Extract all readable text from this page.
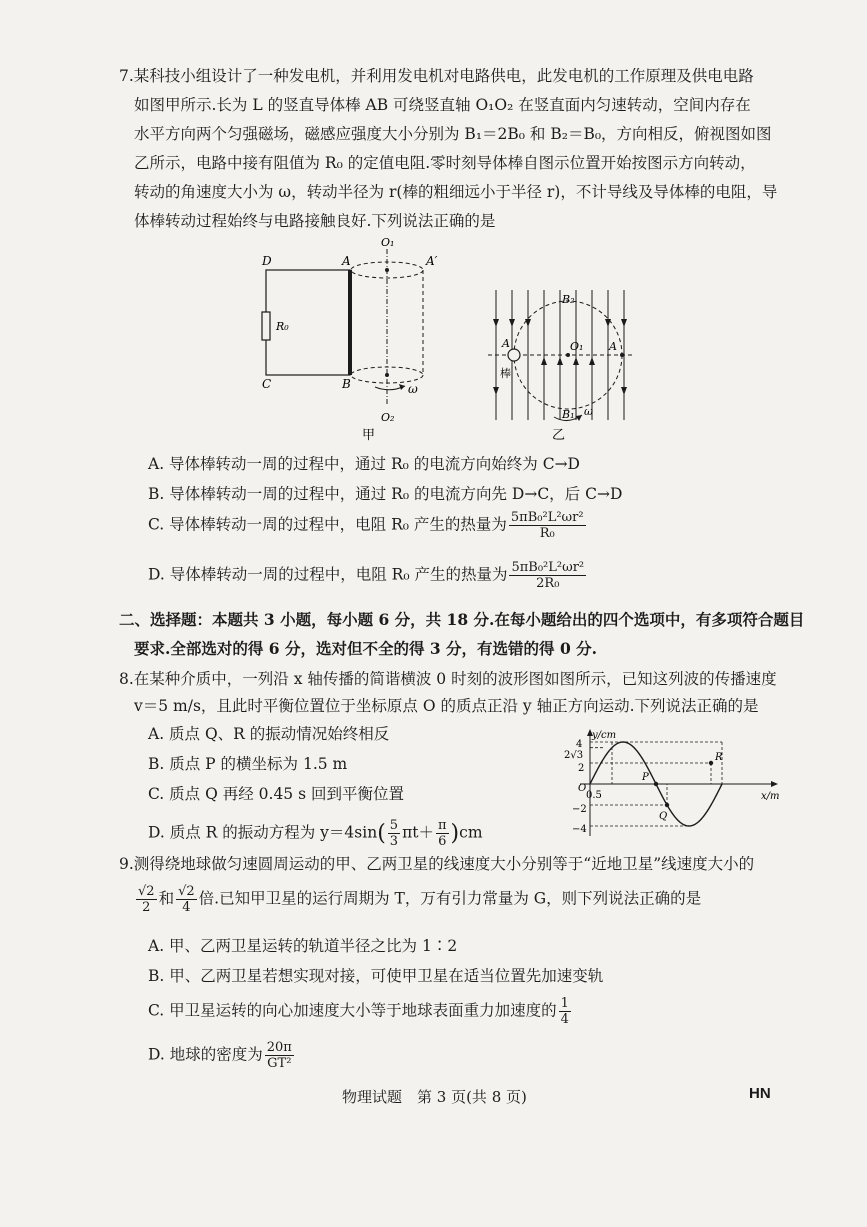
7.某科技小组设计了一种发电机，并利用发电机对电路供电，此发电机的工作原理及供电电路
如图甲所示.长为 L 的竖直导体棒 AB 可绕竖直轴 O₁O₂ 在竖直面内匀速转动，空间内存在
水平方向两个匀强磁场，磁感应强度大小分别为 B₁＝2B₀ 和 B₂＝B₀，方向相反，俯视图如图
乙所示，电路中接有阻值为 R₀ 的定值电阻.零时刻导体棒自图示位置开始按图示方向转动，
转动的角速度大小为 ω，转动半径为 r(棒的粗细远小于半径 r)，不计导线及导体棒的电阻，导
体棒转动过程始终与电路接触良好.下列说法正确的是
O₁
O₂
D	A	A′
C	B
R₀
ω
甲
B₂
B₁
O₁
A	A
棒
ω
乙
A. 导体棒转动一周的过程中，通过 R₀ 的电流方向始终为 C→D
B. 导体棒转动一周的过程中，通过 R₀ 的电流方向先 D→C，后 C→D
C. 导体棒转动一周的过程中，电阻 R₀ 产生的热量为 $\frac{\text{5πB₀²L²ωr²}}{\text{R₀}}$
D. 导体棒转动一周的过程中，电阻 R₀ 产生的热量为 $\frac{\text{5πB₀²L²ωr²}}{\text{2R₀}}$
二、选择题：本题共 3 小题，每小题 6 分，共 18 分.在每小题给出的四个选项中，有多项符合题目
要求.全部选对的得 6 分，选对但不全的得 3 分，有选错的得 0 分.
8.在某种介质中，一列沿 x 轴传播的简谐横波 0 时刻的波形图如图所示，已知这列波的传播速度
v＝5 m/s，且此时平衡位置位于坐标原点 O 的质点正沿 y 轴正方向运动.下列说法正确的是
A. 质点 Q、R 的振动情况始终相反
B. 质点 P 的横坐标为 1.5 m
C. 质点 Q 再经 0.45 s 回到平衡位置
D. 质点 R 的振动方程为 $y=4\sin( \frac{5}{3} \pi t+ \frac{\pi}{6} )cm$
P
Q
R
y/cm
x/m
O
4
2√3
2
−2
−4
0.5
9.测得绕地球做匀速圆周运动的甲、乙两卫星的线速度大小分别等于“近地卫星”线速度大小的
$\frac{√2}{2}$ 和 $\frac{√2}{4}$ 倍.已知甲卫星的运行周期为 T，万有引力常量为 G，则下列说法正确的是
A. 甲、乙两卫星运转的轨道半径之比为 1∶2
B. 甲、乙两卫星若想实现对接，可使甲卫星在适当位置先加速变轨
C. 甲卫星运转的向心加速度大小等于地球表面重力加速度的 $\frac{1}{4}$
D. 地球的密度为 $\frac{20\pi}{\text{GT²}}$
物理试题　第 3 页(共 8 页)	HN
